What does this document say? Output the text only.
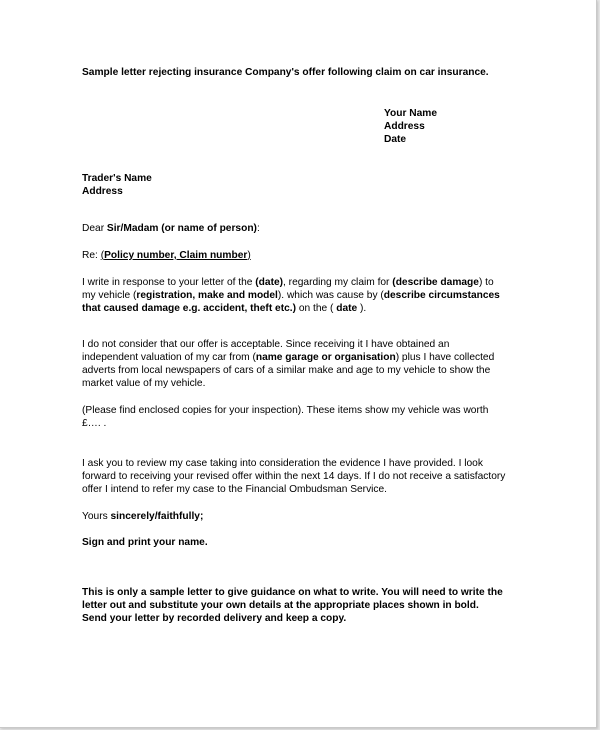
Sample letter rejecting insurance Company's offer following claim on car insurance.
Your Name
Address
Date
Trader's Name
Address
Dear Sir/Madam (or name of person):
Re: (Policy number, Claim number)
I write in response to your letter of the (date), regarding my claim for (describe damage) to
my vehicle (registration, make and model). which was cause by (describe circumstances
that caused damage e.g. accident, theft etc.) on the ( date ).
I do not consider that our offer is acceptable. Since receiving it I have obtained an
independent valuation of my car from (name garage or organisation) plus I have collected
adverts from local newspapers of cars of a similar make and age to my vehicle to show the
market value of my vehicle.
(Please find enclosed copies for your inspection). These items show my vehicle was worth
£…. .
I ask you to review my case taking into consideration the evidence I have provided. I look
forward to receiving your revised offer within the next 14 days. If I do not receive a satisfactory
offer I intend to refer my case to the Financial Ombudsman Service.
Yours sincerely/faithfully;
Sign and print your name.
This is only a sample letter to give guidance on what to write. You will need to write the
letter out and substitute your own details at the appropriate places shown in bold.
Send your letter by recorded delivery and keep a copy.
